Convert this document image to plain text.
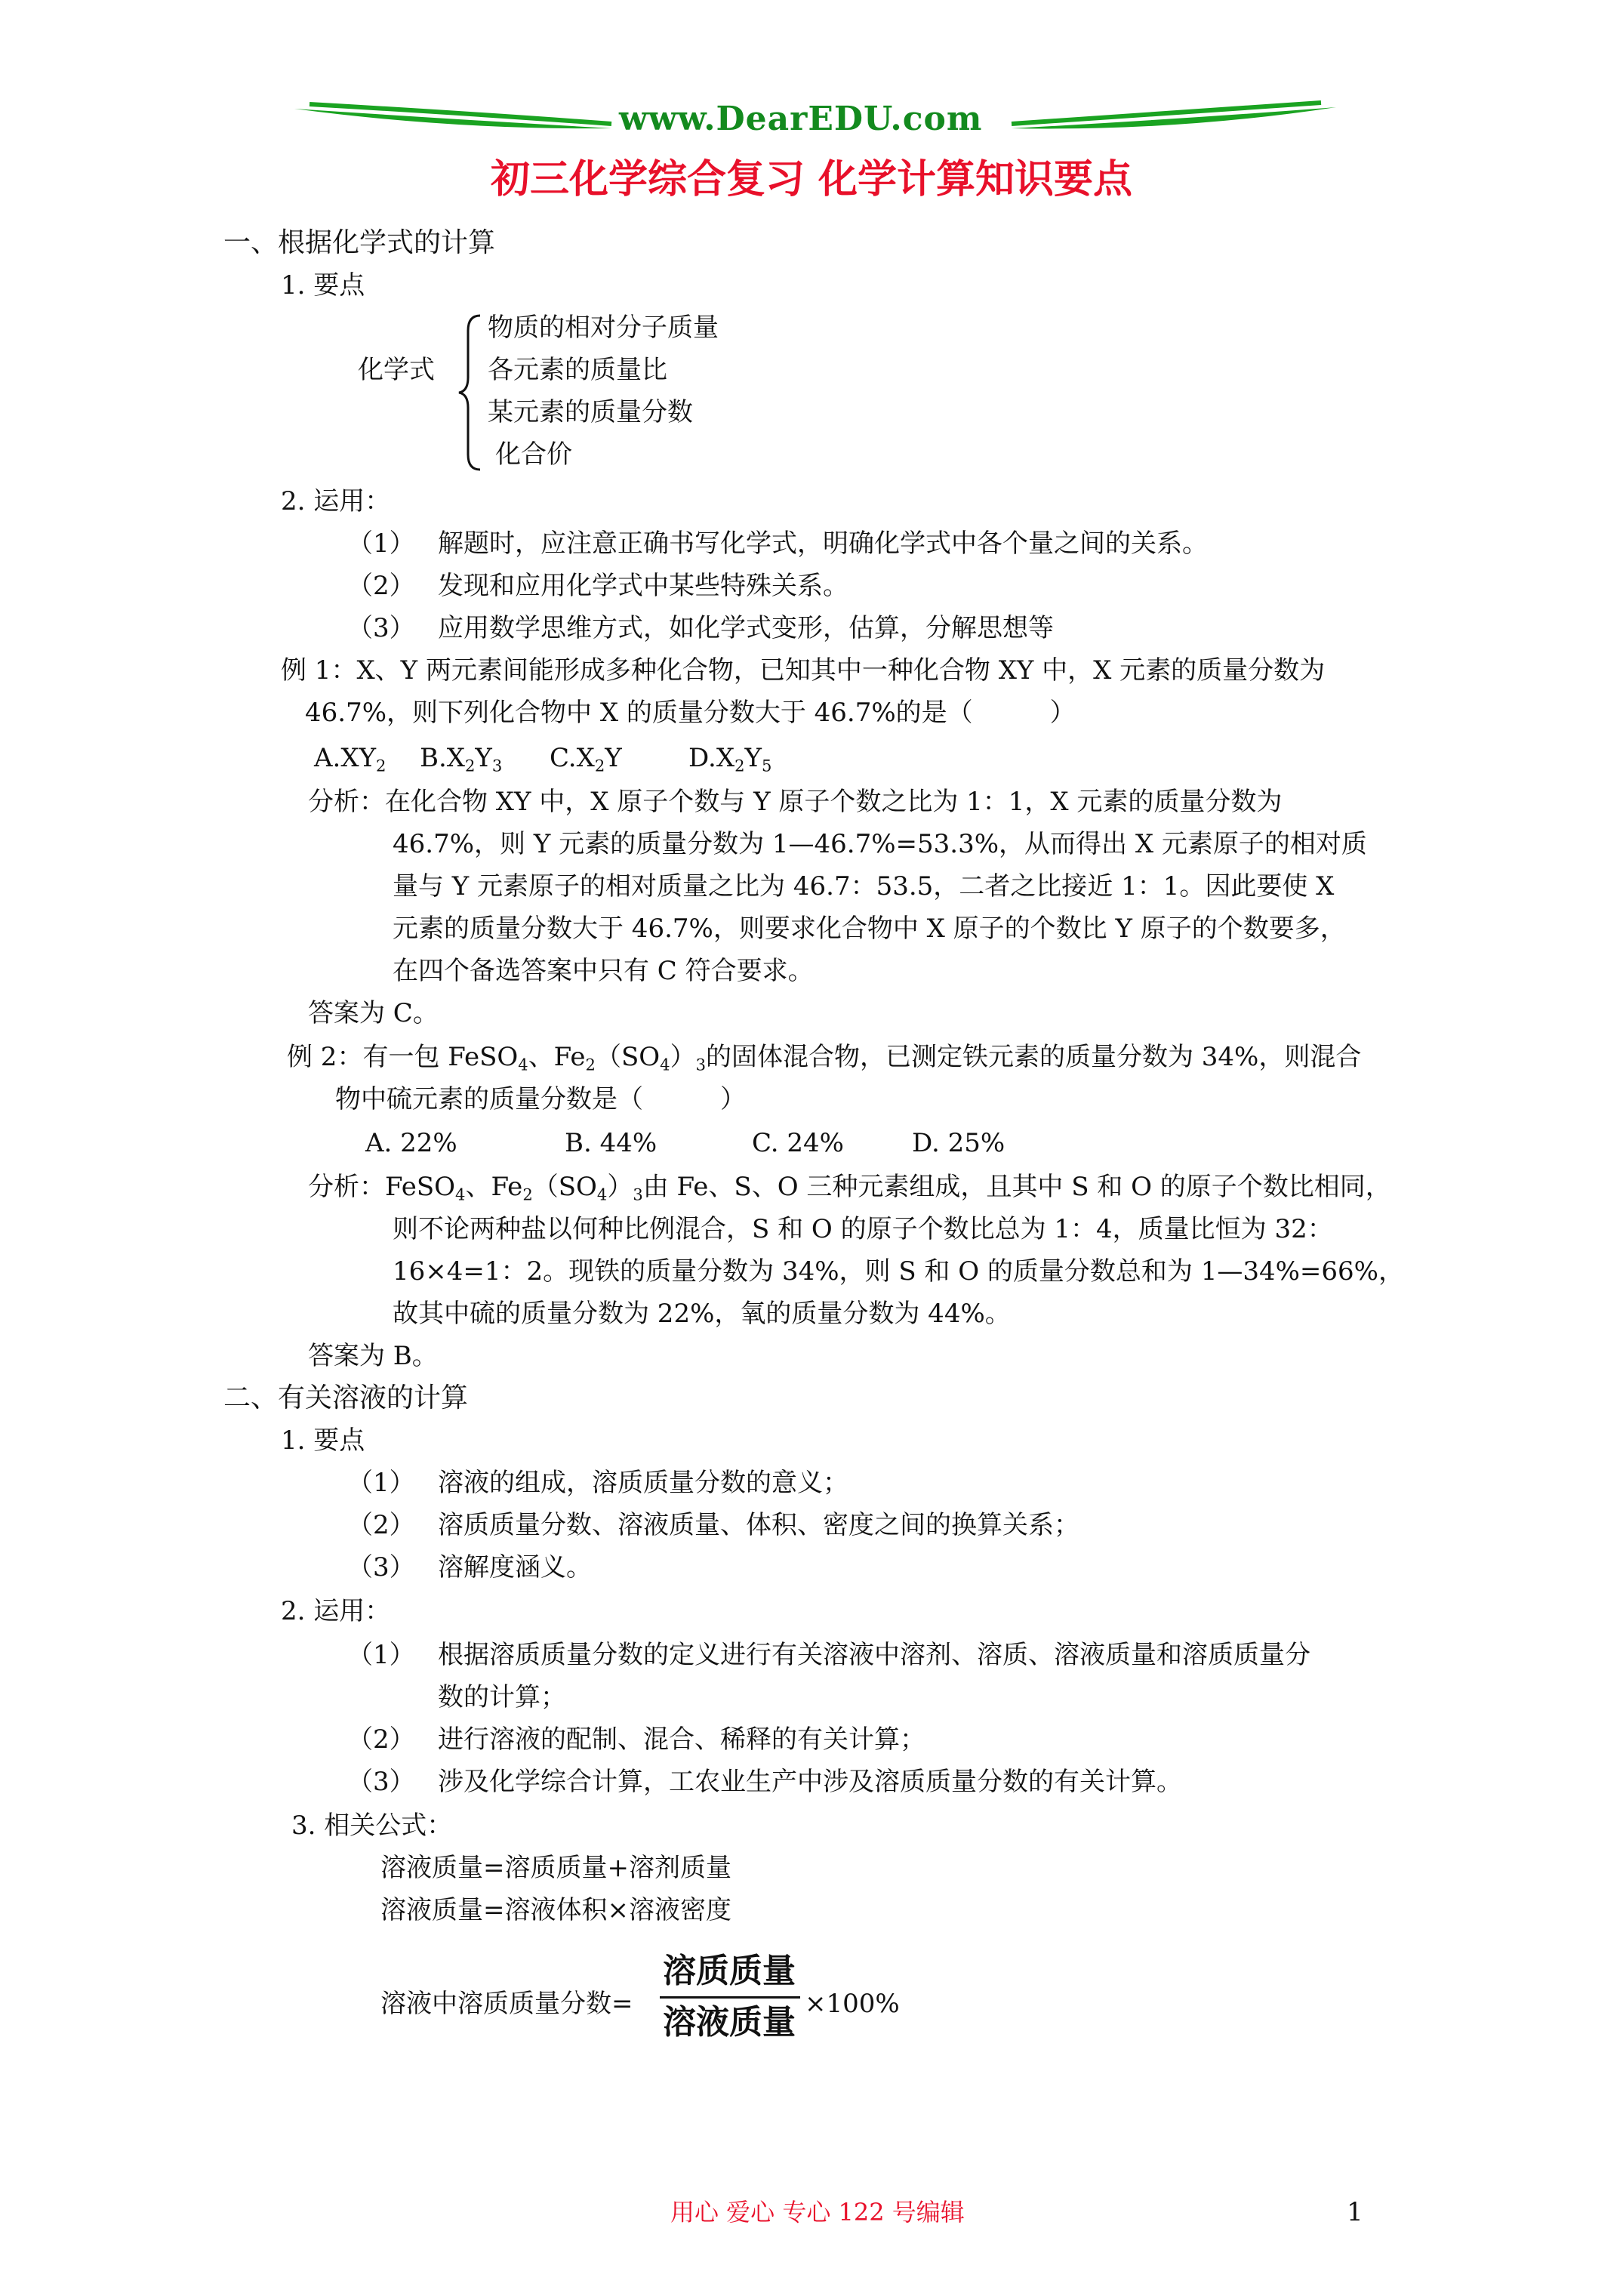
www.DearEDU.com
初三化学综合复习 化学计算知识要点
一、根据化学式的计算
1. 要点
化学式
物质的相对分子质量
各元素的质量比
某元素的质量分数
化合价
2. 运用：
（1） 解题时，应注意正确书写化学式，明确化学式中各个量之间的关系。
（2） 发现和应用化学式中某些特殊关系。
（3） 应用数学思维方式，如化学式变形，估算，分解思想等
例 1：X、Y 两元素间能形成多种化合物，已知其中一种化合物 XY 中，X 元素的质量分数为
46.7%，则下列化合物中 X 的质量分数大于 46.7%的是（　　　）
$A.XY_2$ $B.X_2Y_3$ $C.X_2Y$	$D.X_2Y_5$
分析：在化合物 XY 中，X 原子个数与 Y 原子个数之比为 1：1，X 元素的质量分数为
46.7%，则 Y 元素的质量分数为 1—46.7%=53.3%，从而得出 X 元素原子的相对质
量与 Y 元素原子的相对质量之比为 46.7：53.5，二者之比接近 1：1。因此要使 X
元素的质量分数大于 46.7%，则要求化合物中 X 原子的个数比 Y 原子的个数要多，
在四个备选答案中只有 C 符合要求。
答案为 C。
例 2：有一包 FeSO$_4$、$Fe_2(SO_4)_3$的固体混合物，已测定铁元素的质量分数为 34%，则混合
物中硫元素的质量分数是（　　　）
A. 22%	B. 44%	C. 24%	D. 25%
分析：FeSO$_4$、$Fe_2(SO_4)_3$由 Fe、S、O 三种元素组成，且其中 S 和 O 的原子个数比相同，
则不论两种盐以何种比例混合，S 和 O 的原子个数比总为 1：4，质量比恒为 32：
16×4=1：2。现铁的质量分数为 34%，则 S 和 O 的质量分数总和为 1—34%=66%，
故其中硫的质量分数为 22%，氧的质量分数为 44%。
答案为 B。
二、有关溶液的计算
1. 要点
（1） 溶液的组成，溶质质量分数的意义；
（2） 溶质质量分数、溶液质量、体积、密度之间的换算关系；
（3） 溶解度涵义。
2. 运用：
（1） 根据溶质质量分数的定义进行有关溶液中溶剂、溶质、溶液质量和溶质质量分
数的计算；
（2） 进行溶液的配制、混合、稀释的有关计算；
（3） 涉及化学综合计算，工农业生产中涉及溶质质量分数的有关计算。
3. 相关公式：
溶液质量=溶质质量+溶剂质量
溶液质量=溶液体积×溶液密度
溶液中溶质质量分数=
溶质质量
溶液质量 ×100%
用心 爱心 专心 122 号编辑	1
